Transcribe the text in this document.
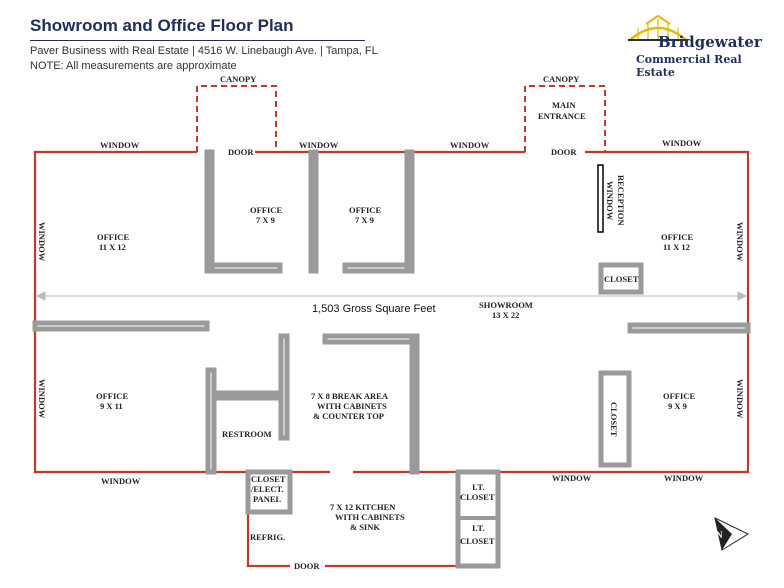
Showroom and Office Floor Plan
Paver Business with Real Estate | 4516 W. Linebaugh Ave. | Tampa, FL
NOTE: All measurements are approximate
Bridgewater
Commercial Real Estate
1,503 Gross Square Feet
CANOPY	CANOPY
MAIN
ENTRANCE
DOOR	DOOR
DOOR
WINDOW	WINDOW	WINDOW	WINDOW
WINDOW	WINDOW	WINDOW
WINDOW
WINDOW
WINDOW
WINDOW
OFFICE
11 X 12
OFFICE
7 X 9
OFFICE
7 X 9
OFFICE
11 X 12
OFFICE
9 X 11
OFFICE
9 X 9
RECEPTION
WINDOW
CLOSET
CLOSET
SHOWROOM
13 X 22
7 X 8 BREAK AREA
WITH CABINETS
& COUNTER TOP
RESTROOM
CLOSET
/ELECT.
PANEL
REFRIG.
7 X 12 KITCHEN
WITH CABINETS
& SINK
I.T.
CLOSET
I.T.
CLOSET
N
